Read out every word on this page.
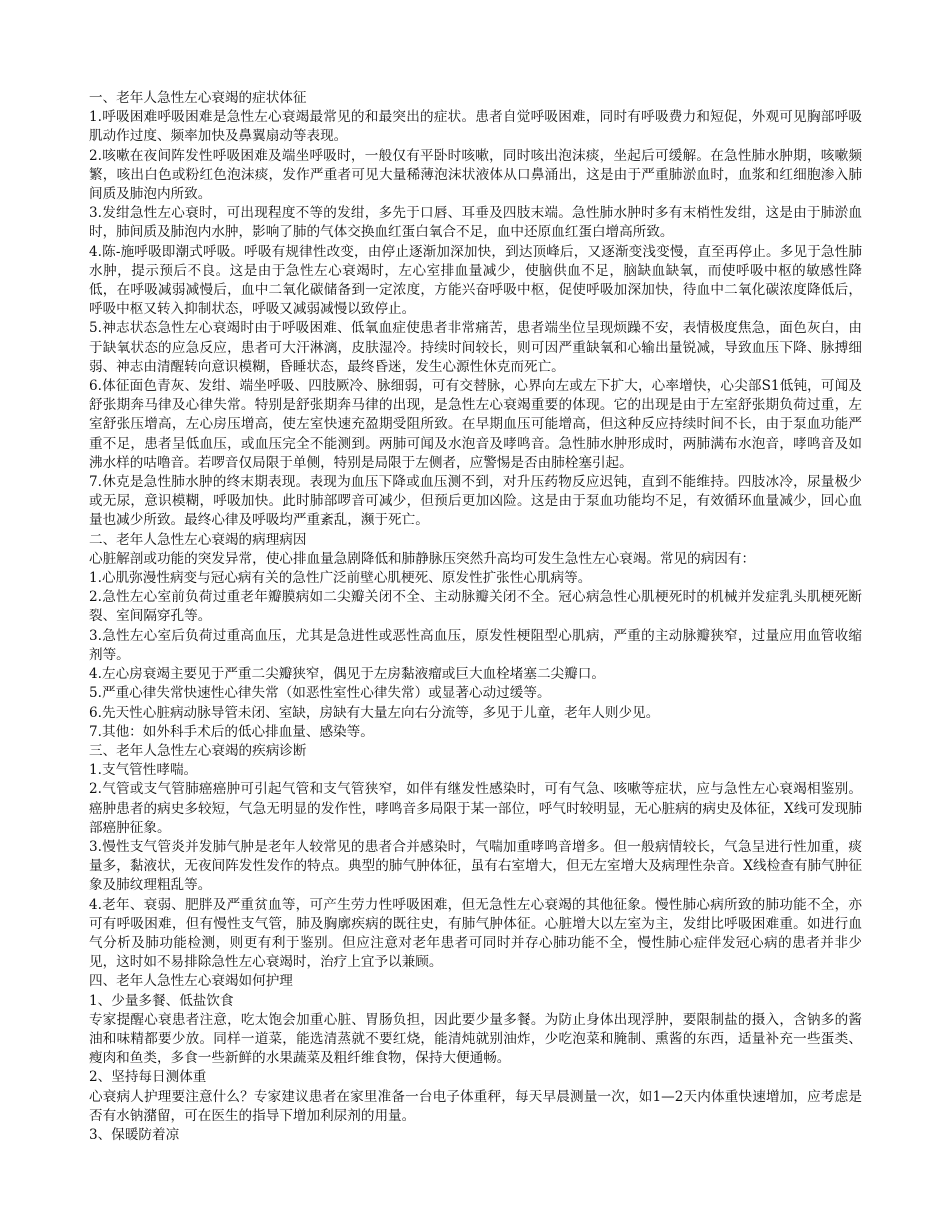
一、老年人急性左心衰竭的症状体征

1.呼吸困难呼吸困难是急性左心衰竭最常见的和最突出的症状。患者自觉呼吸困难，同时有呼吸费力和短促，外观可见胸部呼吸肌动作过度、频率加快及鼻翼扇动等表现。

2.咳嗽在夜间阵发性呼吸困难及端坐呼吸时，一般仅有平卧时咳嗽，同时咳出泡沫痰，坐起后可缓解。在急性肺水肿期，咳嗽频繁，咳出白色或粉红色泡沫痰，发作严重者可见大量稀薄泡沫状液体从口鼻涌出，这是由于严重肺淤血时，血浆和红细胞渗入肺间质及肺泡内所致。

3.发绀急性左心衰时，可出现程度不等的发绀，多先于口唇、耳垂及四肢末端。急性肺水肿时多有末梢性发绀，这是由于肺淤血时，肺间质及肺泡内水肿，影响了肺的气体交换血红蛋白氧合不足，血中还原血红蛋白增高所致。

4.陈-施呼吸即潮式呼吸。呼吸有规律性改变，由停止逐渐加深加快，到达顶峰后，又逐渐变浅变慢，直至再停止。多见于急性肺水肿，提示预后不良。这是由于急性左心衰竭时，左心室排血量减少，使脑供血不足，脑缺血缺氧，而使呼吸中枢的敏感性降低，在呼吸减弱减慢后，血中二氧化碳储备到一定浓度，方能兴奋呼吸中枢，促使呼吸加深加快，待血中二氧化碳浓度降低后，呼吸中枢又转入抑制状态，呼吸又减弱减慢以致停止。

5.神志状态急性左心衰竭时由于呼吸困难、低氧血症使患者非常痛苦，患者端坐位呈现烦躁不安，表情极度焦急，面色灰白，由于缺氧状态的应急反应，患者可大汗淋漓，皮肤湿冷。持续时间较长，则可因严重缺氧和心输出量锐减，导致血压下降、脉搏细弱、神志由清醒转向意识模糊，昏睡状态，最终昏迷，发生心源性休克而死亡。

6.体征面色青灰、发绀、端坐呼吸、四肢厥冷、脉细弱，可有交替脉，心界向左或左下扩大，心率增快，心尖部S1低钝，可闻及舒张期奔马律及心律失常。特别是舒张期奔马律的出现，是急性左心衰竭重要的体现。它的出现是由于左室舒张期负荷过重，左室舒张压增高，左心房压增高，使左室快速充盈期受阻所致。在早期血压可能增高，但这种反应持续时间不长，由于泵血功能严重不足，患者呈低血压，或血压完全不能测到。两肺可闻及水泡音及哮鸣音。急性肺水肿形成时，两肺满布水泡音，哮鸣音及如沸水样的咕噜音。若啰音仅局限于单侧，特别是局限于左侧者，应警惕是否由肺栓塞引起。

7.休克是急性肺水肿的终末期表现。表现为血压下降或血压测不到，对升压药物反应迟钝，直到不能维持。四肢冰冷，尿量极少或无尿，意识模糊，呼吸加快。此时肺部啰音可减少，但预后更加凶险。这是由于泵血功能均不足，有效循环血量减少，回心血量也减少所致。最终心律及呼吸均严重紊乱，濒于死亡。

二、老年人急性左心衰竭的病理病因

心脏解剖或功能的突发异常，使心排血量急剧降低和肺静脉压突然升高均可发生急性左心衰竭。常见的病因有：

1.心肌弥漫性病变与冠心病有关的急性广泛前壁心肌梗死、原发性扩张性心肌病等。

2.急性左心室前负荷过重老年瓣膜病如二尖瓣关闭不全、主动脉瓣关闭不全。冠心病急性心肌梗死时的机械并发症乳头肌梗死断裂、室间隔穿孔等。

3.急性左心室后负荷过重高血压，尤其是急进性或恶性高血压，原发性梗阻型心肌病，严重的主动脉瓣狭窄，过量应用血管收缩剂等。

4.左心房衰竭主要见于严重二尖瓣狭窄，偶见于左房黏液瘤或巨大血栓堵塞二尖瓣口。

5.严重心律失常快速性心律失常（如恶性室性心律失常）或显著心动过缓等。

6.先天性心脏病动脉导管未闭、室缺，房缺有大量左向右分流等，多见于儿童，老年人则少见。

7.其他：如外科手术后的低心排血量、感染等。

三、老年人急性左心衰竭的疾病诊断

1.支气管性哮喘。

2.气管或支气管肺癌癌肿可引起气管和支气管狭窄，如伴有继发性感染时，可有气急、咳嗽等症状，应与急性左心衰竭相鉴别。癌肿患者的病史多较短，气急无明显的发作性，哮鸣音多局限于某一部位，呼气时较明显，无心脏病的病史及体征，X线可发现肺部癌肿征象。

3.慢性支气管炎并发肺气肿是老年人较常见的患者合并感染时，气喘加重哮鸣音增多。但一般病情较长，气急呈进行性加重，痰量多，黏液状，无夜间阵发性发作的特点。典型的肺气肿体征，虽有右室增大，但无左室增大及病理性杂音。X线检查有肺气肿征象及肺纹理粗乱等。

4.老年、衰弱、肥胖及严重贫血等，可产生劳力性呼吸困难，但无急性左心衰竭的其他征象。慢性肺心病所致的肺功能不全，亦可有呼吸困难，但有慢性支气管，肺及胸廓疾病的既往史，有肺气肿体征。心脏增大以左室为主，发绀比呼吸困难重。如进行血气分析及肺功能检测，则更有利于鉴别。但应注意对老年患者可同时并存心肺功能不全，慢性肺心症伴发冠心病的患者并非少见，这时如不易排除急性左心衰竭时，治疗上宜予以兼顾。

四、老年人急性左心衰竭如何护理

1、少量多餐、低盐饮食

专家提醒心衰患者注意，吃太饱会加重心脏、胃肠负担，因此要少量多餐。为防止身体出现浮肿，要限制盐的摄入，含钠多的酱油和味精都要少放。同样一道菜，能选清蒸就不要红烧，能清炖就别油炸，少吃泡菜和腌制、熏酱的东西，适量补充一些蛋类、瘦肉和鱼类，多食一些新鲜的水果蔬菜及粗纤维食物，保持大便通畅。

2、坚持每日测体重

心衰病人护理要注意什么？专家建议患者在家里准备一台电子体重秤，每天早晨测量一次，如1—2天内体重快速增加，应考虑是否有水钠潴留，可在医生的指导下增加利尿剂的用量。

3、保暖防着凉
